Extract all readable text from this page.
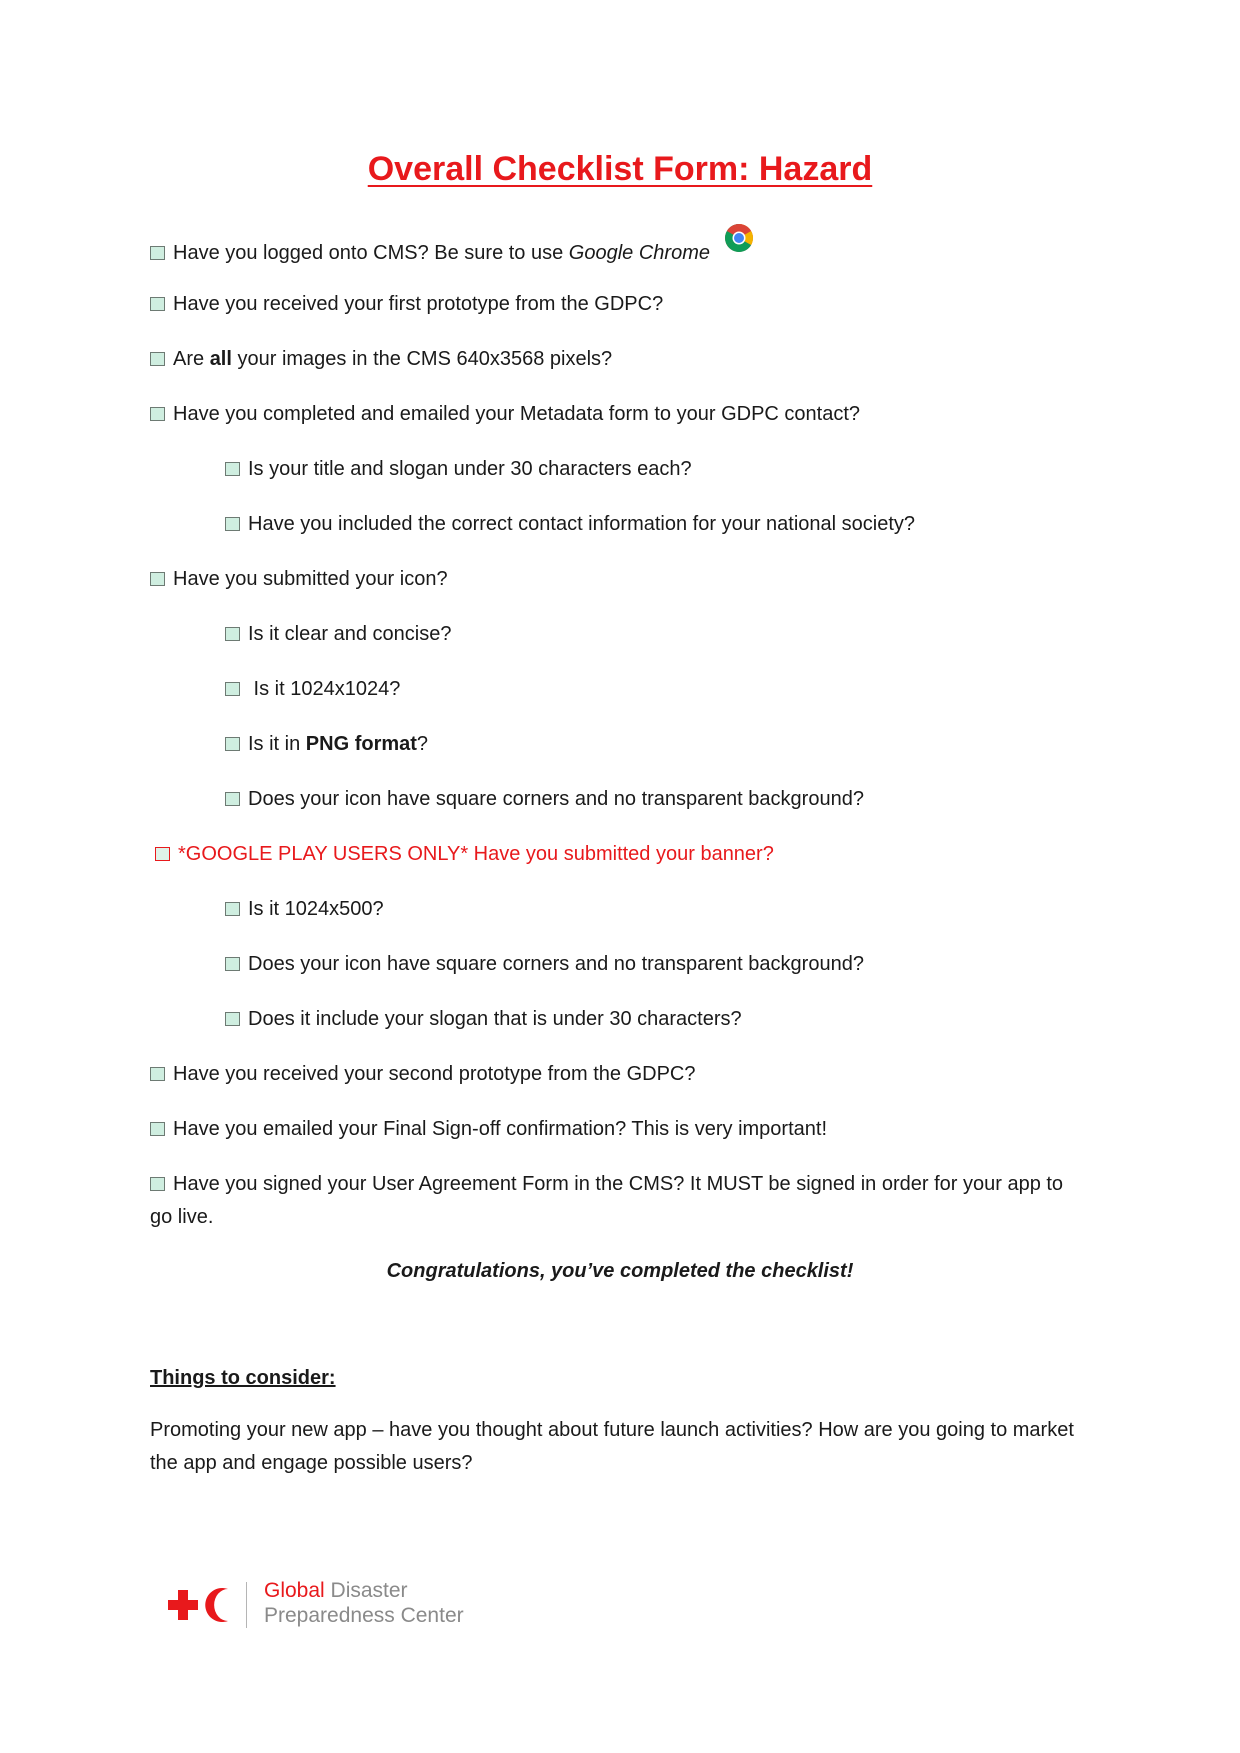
Overall Checklist Form: Hazard
Have you logged onto CMS? Be sure to use Google Chrome
Have you received your first prototype from the GDPC?
Are all your images in the CMS 640x3568 pixels?
Have you completed and emailed your Metadata form to your GDPC contact?
Is your title and slogan under 30 characters each?
Have you included the correct contact information for your national society?
Have you submitted your icon?
Is it clear and concise?
Is it 1024x1024?
Is it in PNG format?
Does your icon have square corners and no transparent background?
*GOOGLE PLAY USERS ONLY* Have you submitted your banner?
Is it 1024x500?
Does your icon have square corners and no transparent background?
Does it include your slogan that is under 30 characters?
Have you received your second prototype from the GDPC?
Have you emailed your Final Sign-off confirmation? This is very important!
Have you signed your User Agreement Form in the CMS? It MUST be signed in order for your app to go live.
Congratulations, you’ve completed the checklist!
Things to consider:
Promoting your new app – have you thought about future launch activities? How are you going to market the app and engage possible users?
Global Disaster
Preparedness Center
